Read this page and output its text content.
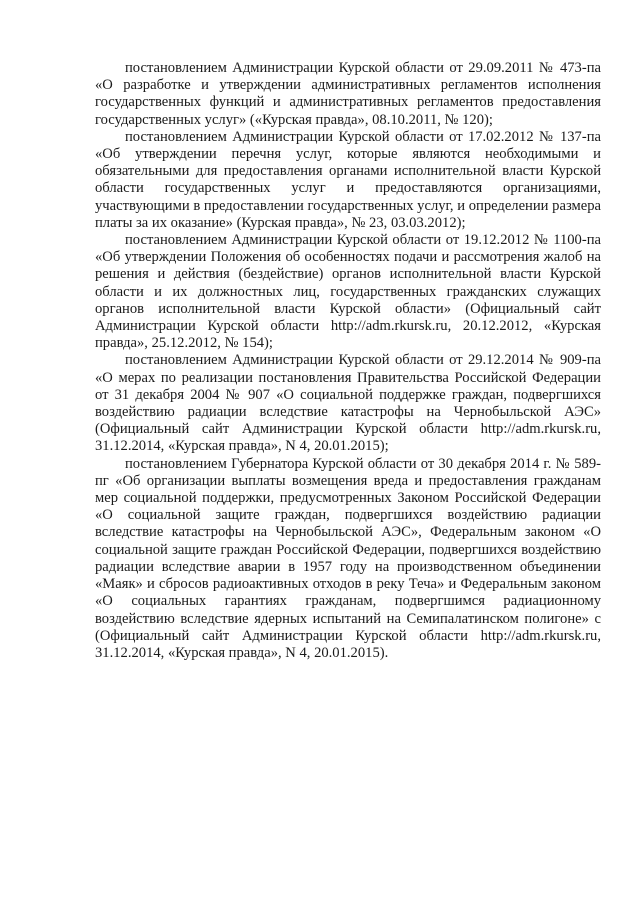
постановлением Администрации Курской области от 29.09.2011 № 473-па «О разработке и утверждении административных регламентов исполнения государственных функций и административных регламентов предоставления государственных услуг» («Курская правда», 08.10.2011, № 120);

постановлением Администрации Курской области от 17.02.2012 № 137-па «Об утверждении перечня услуг, которые являются необходимыми и обязательными для предоставления органами исполнительной власти Курской области государственных услуг и предоставляются организациями, участвующими в предоставлении государственных услуг, и определении размера платы за их оказание» (Курская правда», № 23, 03.03.2012);

постановлением Администрации Курской области от 19.12.2012 № 1100-па «Об утверждении Положения об особенностях подачи и рассмотрения жалоб на решения и действия (бездействие) органов исполнительной власти Курской области и их должностных лиц, государственных гражданских служащих органов исполнительной власти Курской области» (Официальный сайт Администрации Курской области http://adm.rkursk.ru, 20.12.2012, «Курская правда», 25.12.2012, № 154);

постановлением Администрации Курской области от 29.12.2014 № 909-па «О мерах по реализации постановления Правительства Российской Федерации от 31 декабря 2004 № 907 «О социальной поддержке граждан, подвергшихся воздействию радиации вследствие катастрофы на Чернобыльской АЭС» (Официальный сайт Администрации Курской области http://adm.rkursk.ru, 31.12.2014, «Курская правда», N 4, 20.01.2015);

постановлением Губернатора Курской области от 30 декабря 2014 г. № 589-пг «Об организации выплаты возмещения вреда и предоставления гражданам мер социальной поддержки, предусмотренных Законом Российской Федерации «О социальной защите граждан, подвергшихся воздействию радиации вследствие катастрофы на Чернобыльской АЭС», Федеральным законом «О социальной защите граждан Российской Федерации, подвергшихся воздействию радиации вследствие аварии в 1957 году на производственном объединении «Маяк» и сбросов радиоактивных отходов в реку Теча» и Федеральным законом «О социальных гарантиях гражданам, подвергшимся радиационному воздействию вследствие ядерных испытаний на Семипалатинском полигоне» с (Официальный сайт Администрации Курской области http://adm.rkursk.ru, 31.12.2014, «Курская правда», N 4, 20.01.2015).
